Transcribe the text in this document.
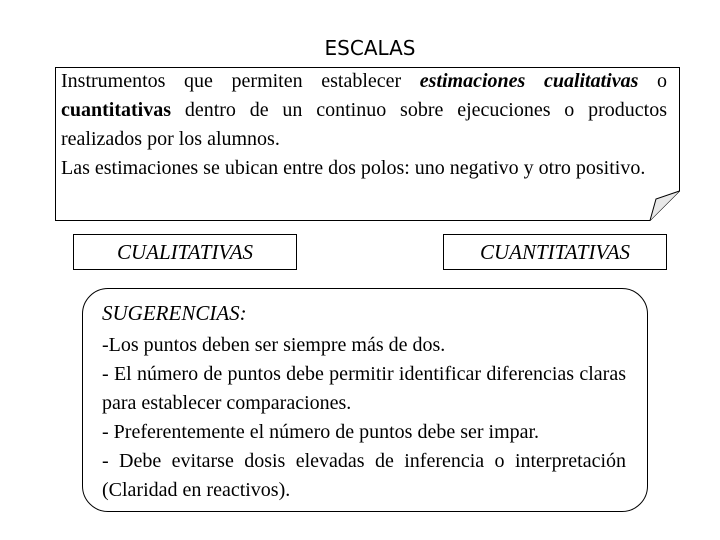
ESCALAS

Instrumentos que permiten establecer estimaciones cualitativas o cuantitativas dentro de un continuo sobre ejecuciones o productos realizados por los alumnos.

Las estimaciones se ubican entre dos polos: uno negativo y otro positivo.

CUALITATIVAS	CUANTITATIVAS
SUGERENCIAS:

-Los puntos deben ser siempre más de dos.

- El número de puntos debe permitir identificar diferencias claras para establecer comparaciones.

- Preferentemente el número de puntos debe ser impar.

- Debe evitarse dosis elevadas de inferencia o interpretación (Claridad en reactivos).
